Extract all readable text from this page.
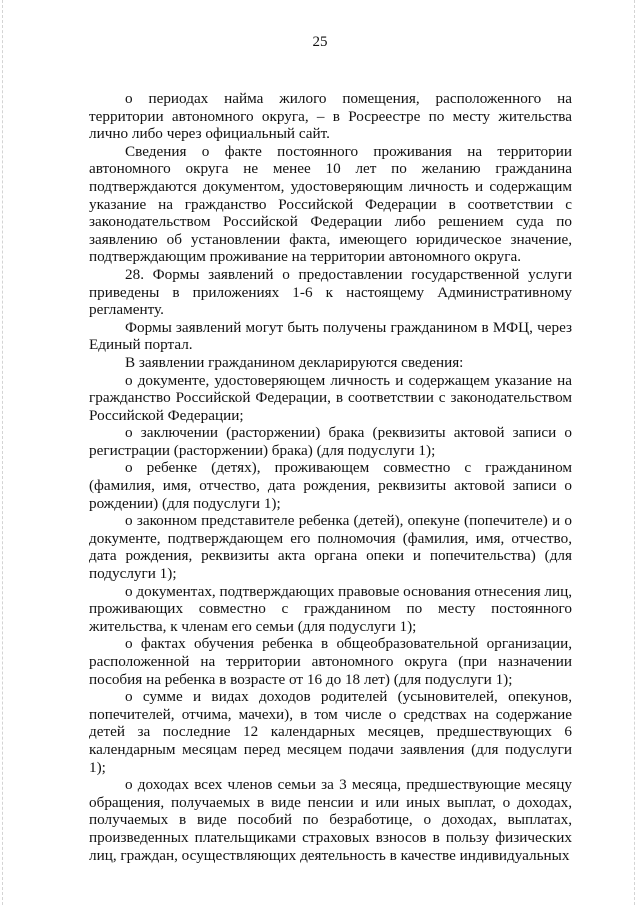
25

о периодах найма жилого помещения, расположенного на территории автономного округа, – в Росреестре по месту жительства лично либо через официальный сайт.

Сведения о факте постоянного проживания на территории автономного округа не менее 10 лет по желанию гражданина подтверждаются документом, удостоверяющим личность и содержащим указание на гражданство Российской Федерации в соответствии с законодательством Российской Федерации либо решением суда по заявлению об установлении факта, имеющего юридическое значение, подтверждающим проживание на территории автономного округа.

28. Формы заявлений о предоставлении государственной услуги приведены в приложениях 1-6 к настоящему Административному регламенту.

Формы заявлений могут быть получены гражданином в МФЦ, через Единый портал.

В заявлении гражданином декларируются сведения:

о документе, удостоверяющем личность и содержащем указание на гражданство Российской Федерации, в соответствии с законодательством Российской Федерации;

о заключении (расторжении) брака (реквизиты актовой записи о регистрации (расторжении) брака) (для подуслуги 1);

о ребенке (детях), проживающем совместно с гражданином (фамилия, имя, отчество, дата рождения, реквизиты актовой записи о рождении) (для подуслуги 1);

о законном представителе ребенка (детей), опекуне (попечителе) и о документе, подтверждающем его полномочия (фамилия, имя, отчество, дата рождения, реквизиты акта органа опеки и попечительства) (для подуслуги 1);

о документах, подтверждающих правовые основания отнесения лиц, проживающих совместно с гражданином по месту постоянного жительства, к членам его семьи (для подуслуги 1);

о фактах обучения ребенка в общеобразовательной организации, расположенной на территории автономного округа (при назначении пособия на ребенка в возрасте от 16 до 18 лет) (для подуслуги 1);

о сумме и видах доходов родителей (усыновителей, опекунов, попечителей, отчима, мачехи), в том числе о средствах на содержание детей за последние 12 календарных месяцев, предшествующих 6 календарным месяцам перед месяцем подачи заявления (для подуслуги 1);

о доходах всех членов семьи за 3 месяца, предшествующие месяцу обращения, получаемых в виде пенсии и или иных выплат, о доходах, получаемых в виде пособий по безработице, о доходах, выплатах, произведенных плательщиками страховых взносов в пользу физических лиц, граждан, осуществляющих деятельность в качестве индивидуальных
